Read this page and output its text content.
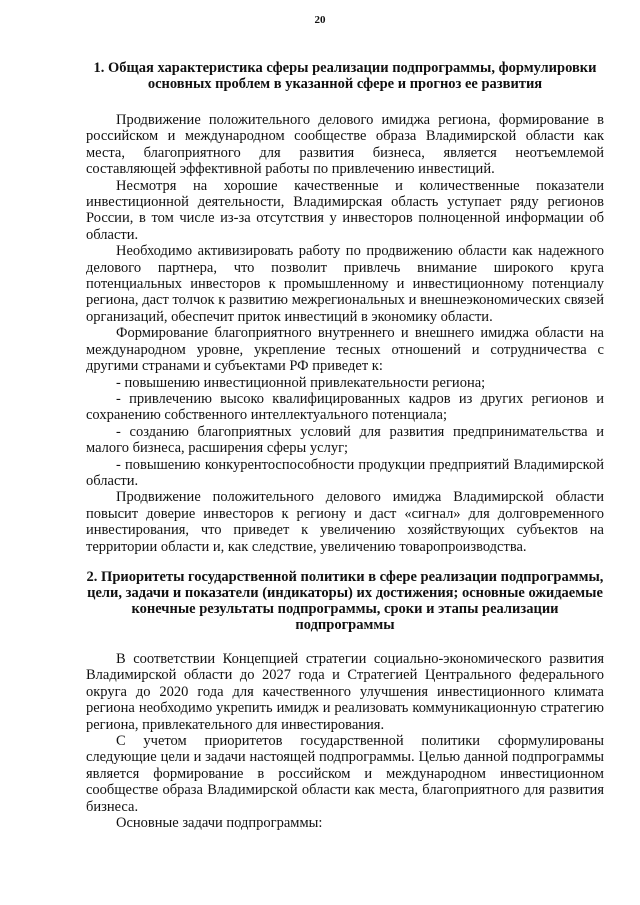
20
1. Общая характеристика сферы реализации подпрограммы, формулировки основных проблем в указанной сфере и прогноз ее развития

Продвижение положительного делового имиджа региона, формирование в российском и международном сообществе образа Владимирской области как места, благоприятного для развития бизнеса, является неотъемлемой составляющей эффективной работы по привлечению инвестиций.

Несмотря на хорошие качественные и количественные показатели инвестиционной деятельности, Владимирская область уступает ряду регионов России, в том числе из-за отсутствия у инвесторов полноценной информации об области.

Необходимо активизировать работу по продвижению области как надежного делового партнера, что позволит привлечь внимание широкого круга потенциальных инвесторов к промышленному и инвестиционному потенциалу региона, даст толчок к развитию межрегиональных и внешнеэкономических связей организаций, обеспечит приток инвестиций в экономику области.

Формирование благоприятного внутреннего и внешнего имиджа области на международном уровне, укрепление тесных отношений и сотрудничества с другими странами и субъектами РФ приведет к:

- повышению инвестиционной привлекательности региона;

- привлечению высоко квалифицированных кадров из других регионов и сохранению собственного интеллектуального потенциала;

- созданию благоприятных условий для развития предпринимательства и малого бизнеса, расширения сферы услуг;

- повышению конкурентоспособности продукции предприятий Владимирской области.

Продвижение положительного делового имиджа Владимирской области повысит доверие инвесторов к региону и даст «сигнал» для долговременного инвестирования, что приведет к увеличению хозяйствующих субъектов на территории области и, как следствие, увеличению товаропроизводства.

2. Приоритеты государственной политики в сфере реализации подпрограммы, цели, задачи и показатели (индикаторы) их достижения; основные ожидаемые конечные результаты подпрограммы, сроки и этапы реализации подпрограммы

В соответствии Концепцией стратегии социально-экономического развития Владимирской области до 2027 года и Стратегией Центрального федерального округа до 2020 года для качественного улучшения инвестиционного климата региона необходимо укрепить имидж и реализовать коммуникационную стратегию региона, привлекательного для инвестирования.

С учетом приоритетов государственной политики сформулированы следующие цели и задачи настоящей подпрограммы. Целью данной подпрограммы является формирование в российском и международном инвестиционном сообществе образа Владимирской области как места, благоприятного для развития бизнеса.

Основные задачи подпрограммы:
